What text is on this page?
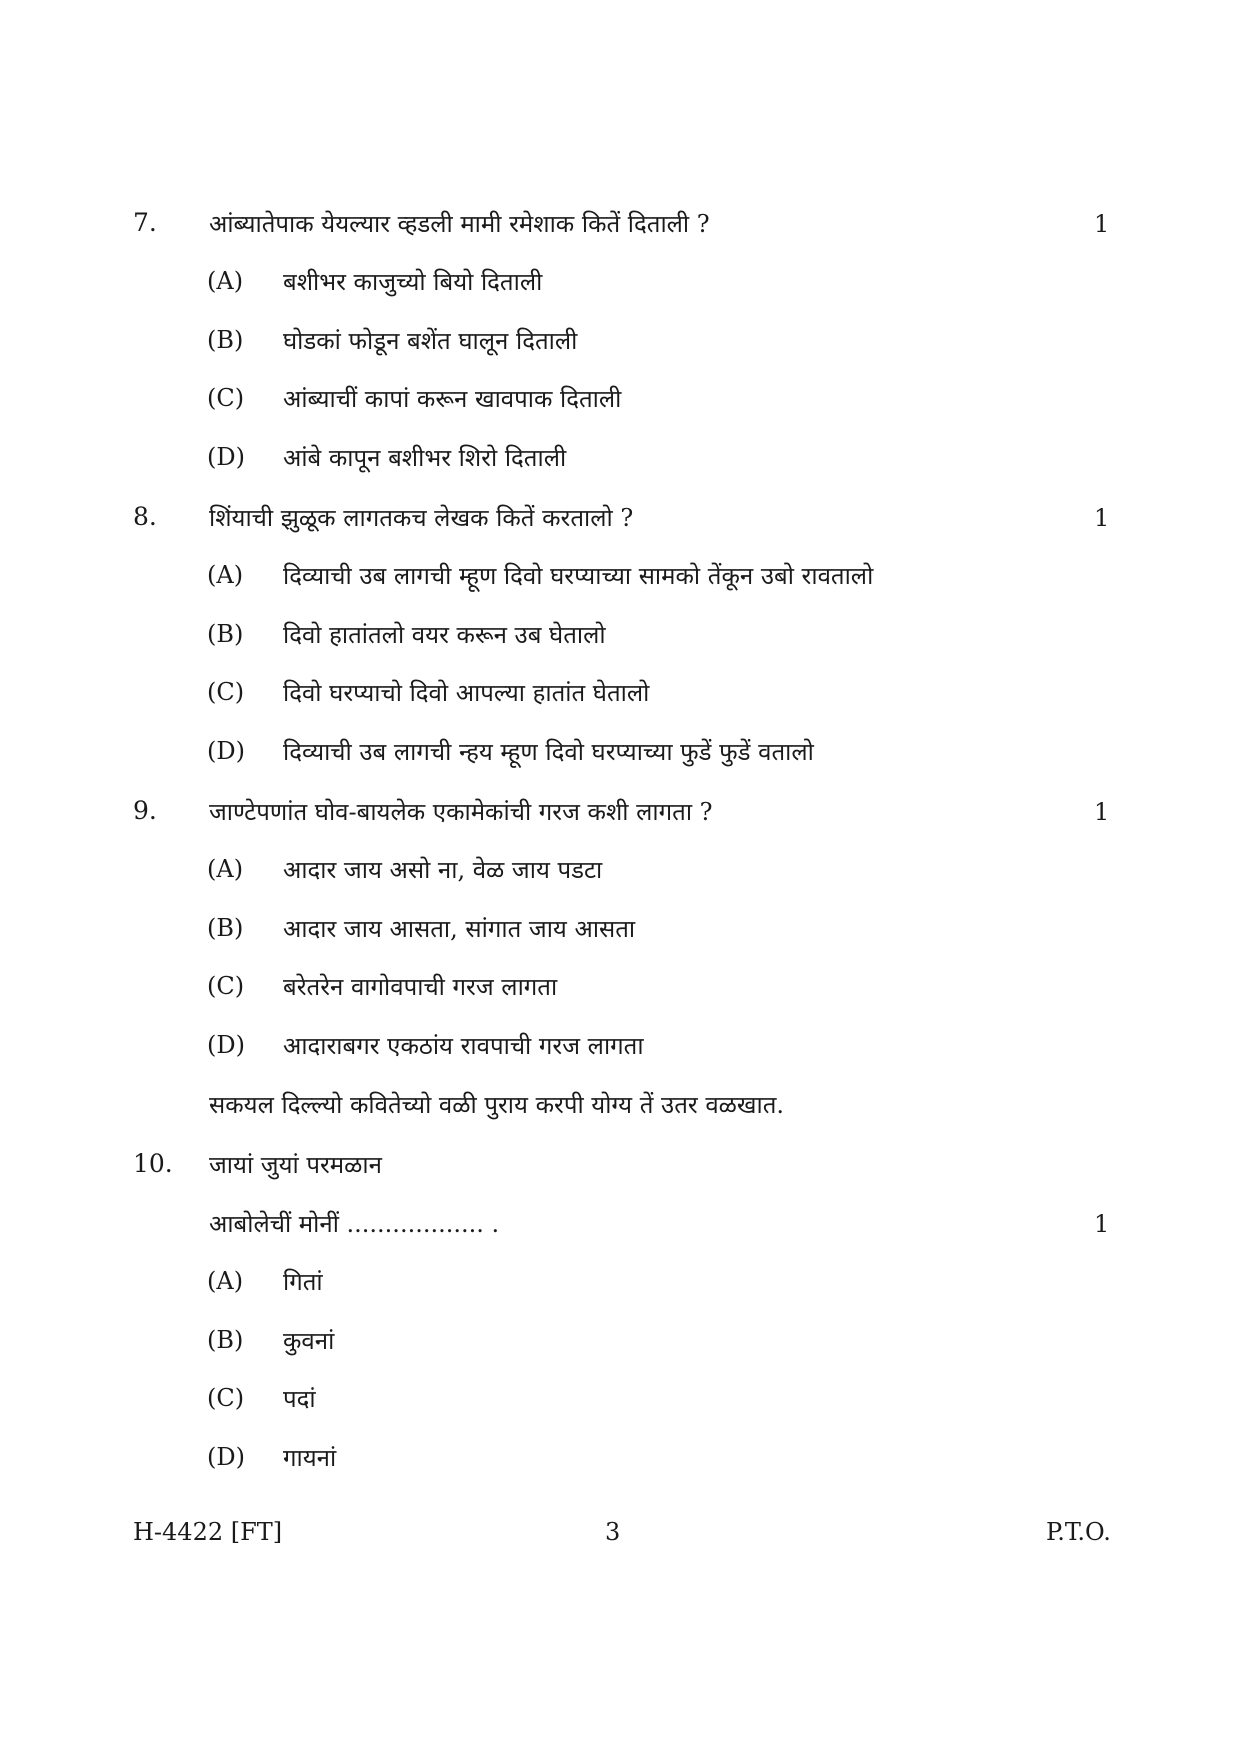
7. आंब्यातेपाक येयल्यार व्हडली मामी रमेशाक कितें दिताली ?	1
(A) बशीभर काजुच्यो बियो दिताली
(B) घोडकां फोडून बशेंत घालून दिताली
(C) आंब्याचीं कापां करून खावपाक दिताली
(D) आंबे कापून बशीभर शिरो दिताली
8. शिंयाची झुळूक लागतकच लेखक कितें करतालो ?	1
(A) दिव्याची उब लागची म्हूण दिवो घरप्याच्या सामको तेंकून उबो रावतालो
(B) दिवो हातांतलो वयर करून उब घेतालो
(C) दिवो घरप्याचो दिवो आपल्या हातांत घेतालो
(D) दिव्याची उब लागची न्हय म्हूण दिवो घरप्याच्या फुडें फुडें वतालो
9. जाण्टेपणांत घोव-बायलेक एकामेकांची गरज कशी लागता ?	1
(A) आदार जाय असो ना, वेळ जाय पडटा
(B) आदार जाय आसता, सांगात जाय आसता
(C) बरेतरेन वागोवपाची गरज लागता
(D) आदाराबगर एकठांय रावपाची गरज लागता
सकयल दिल्ल्यो कवितेच्यो वळी पुराय करपी योग्य तें उतर वळखात.
10. जायां जुयां परमळान
आबोलेचीं मोनीं .................. .	1
(A) गितां
(B) कुवनां
(C) पदां
(D) गायनां
H-4422 [FT]	3	P.T.O.
